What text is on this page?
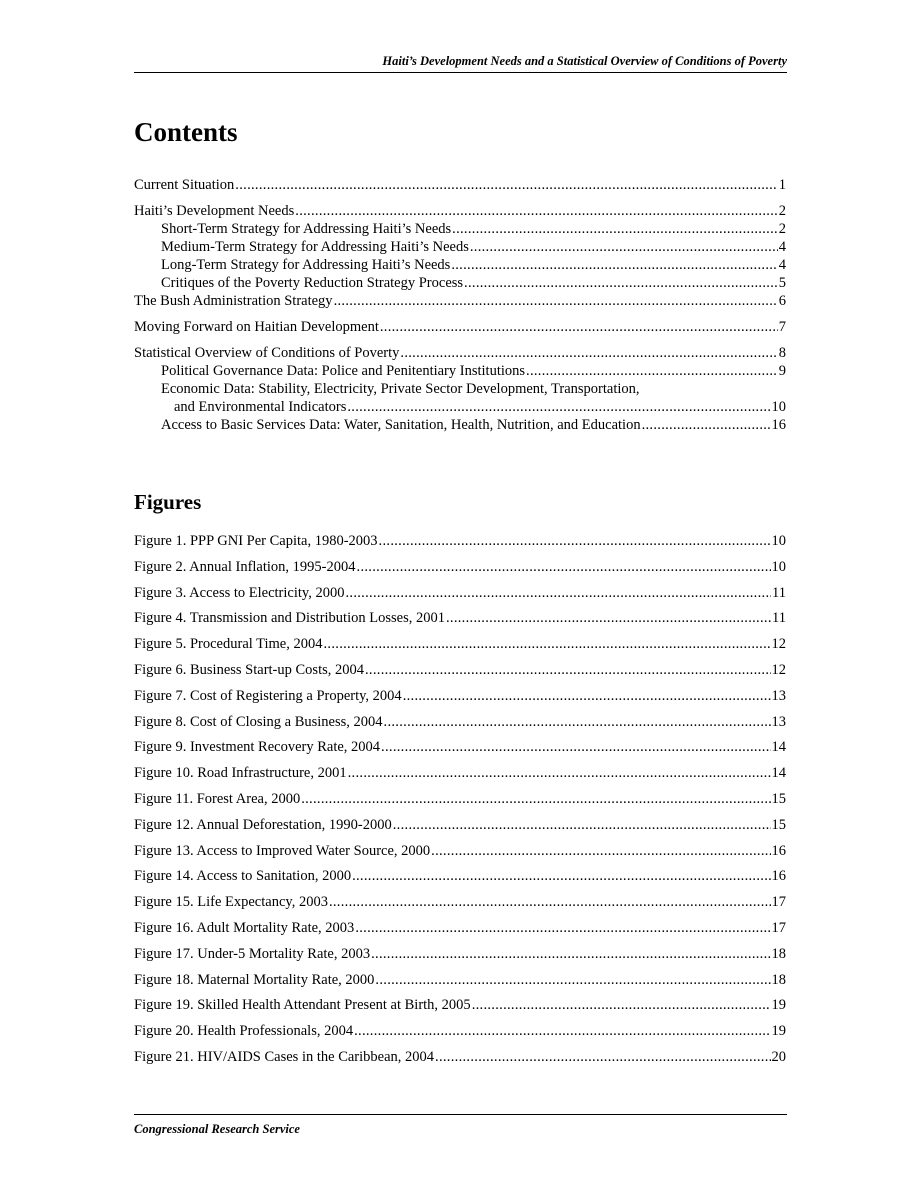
Haiti’s Development Needs and a Statistical Overview of Conditions of Poverty
Contents
Current Situation .....	1
Haiti’s Development Needs .....	2
Short-Term Strategy for Addressing Haiti’s Needs .....	2
Medium-Term Strategy for Addressing Haiti’s Needs .....	4
Long-Term Strategy for Addressing Haiti’s Needs .....	4
Critiques of the Poverty Reduction Strategy Process .....	5
The Bush Administration Strategy .....	6
Moving Forward on Haitian Development .....	7
Statistical Overview of Conditions of Poverty .....	8
Political Governance Data: Police and Penitentiary Institutions .....	9
Economic Data: Stability, Electricity, Private Sector Development, Transportation,
and Environmental Indicators .....	10
Access to Basic Services Data: Water, Sanitation, Health, Nutrition, and Education .....	16
Figures
Figure 1. PPP GNI Per Capita, 1980-2003 .....	10
Figure 2. Annual Inflation, 1995-2004 .....	10
Figure 3. Access to Electricity, 2000 .....	11
Figure 4. Transmission and Distribution Losses, 2001 .....	11
Figure 5. Procedural Time, 2004 .....	12
Figure 6. Business Start-up Costs, 2004 .....	12
Figure 7. Cost of Registering a Property, 2004 .....	13
Figure 8. Cost of Closing a Business, 2004 .....	13
Figure 9. Investment Recovery Rate, 2004 .....	14
Figure 10. Road Infrastructure, 2001 .....	14
Figure 11. Forest Area, 2000 .....	15
Figure 12. Annual Deforestation, 1990-2000 .....	15
Figure 13. Access to Improved Water Source, 2000 .....	16
Figure 14. Access to Sanitation, 2000 .....	16
Figure 15. Life Expectancy, 2003 .....	17
Figure 16. Adult Mortality Rate, 2003 .....	17
Figure 17. Under-5 Mortality Rate, 2003 .....	18
Figure 18. Maternal Mortality Rate, 2000 .....	18
Figure 19. Skilled Health Attendant Present at Birth, 2005 .....	19
Figure 20. Health Professionals, 2004 .....	19
Figure 21. HIV/AIDS Cases in the Caribbean, 2004 .....	20
Congressional Research Service
